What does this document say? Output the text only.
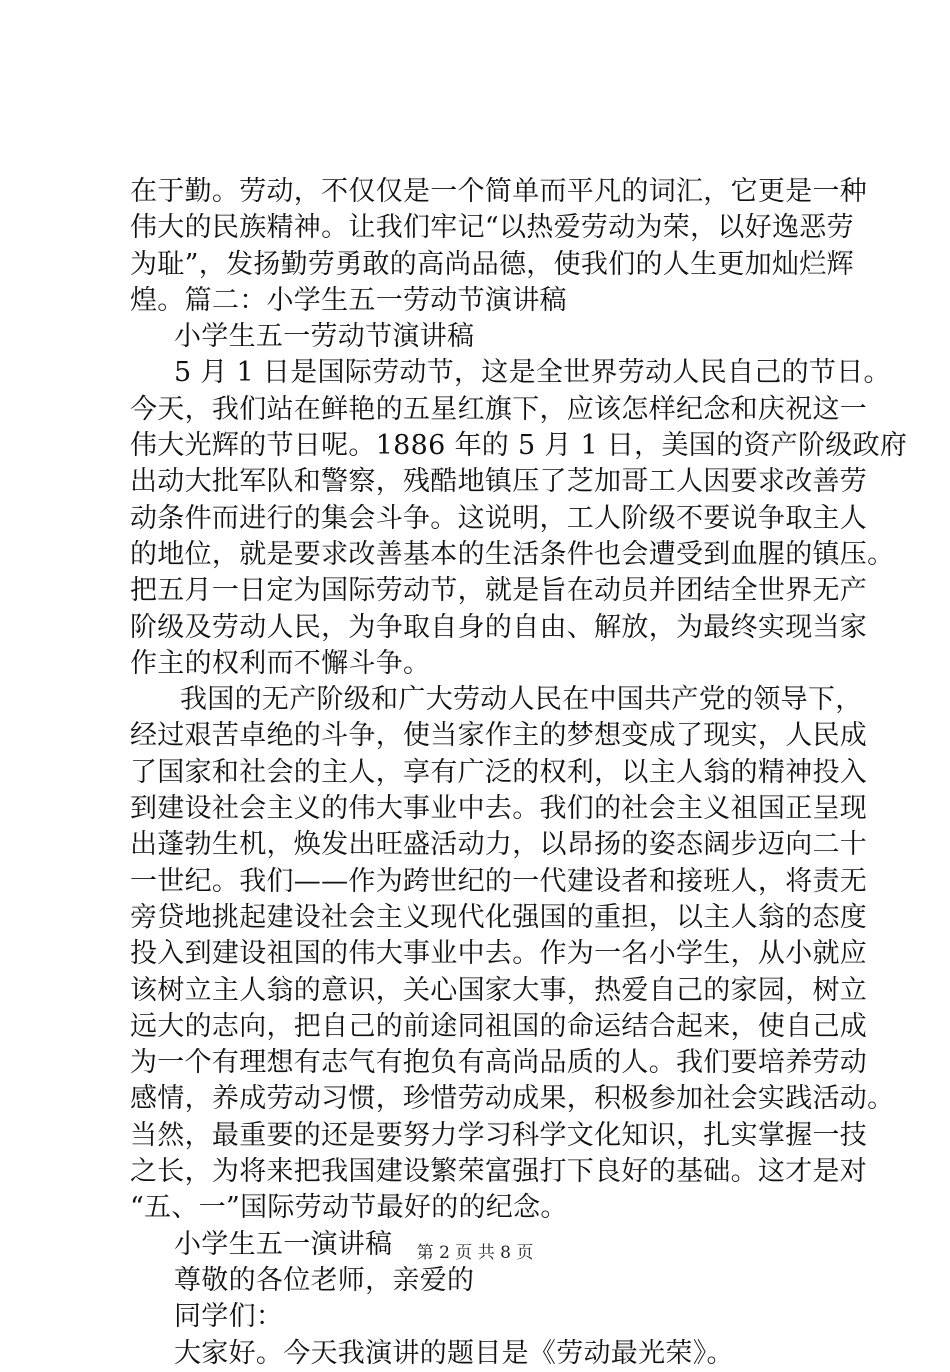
在于勤。劳动，不仅仅是一个简单而平凡的词汇，它更是一种
伟大的民族精神。让我们牢记“以热爱劳动为荣，以好逸恶劳
为耻”，发扬勤劳勇敢的高尚品德，使我们的人生更加灿烂辉
煌。篇二：小学生五一劳动节演讲稿
小学生五一劳动节演讲稿
5 月 1 日是国际劳动节，这是全世界劳动人民自己的节日。
今天，我们站在鲜艳的五星红旗下，应该怎样纪念和庆祝这一
伟大光辉的节日呢。1886 年的 5 月 1 日，美国的资产阶级政府
出动大批军队和警察，残酷地镇压了芝加哥工人因要求改善劳
动条件而进行的集会斗争。这说明，工人阶级不要说争取主人
的地位，就是要求改善基本的生活条件也会遭受到血腥的镇压。
把五月一日定为国际劳动节，就是旨在动员并团结全世界无产
阶级及劳动人民，为争取自身的自由、解放，为最终实现当家
作主的权利而不懈斗争。
我国的无产阶级和广大劳动人民在中国共产党的领导下，
经过艰苦卓绝的斗争，使当家作主的梦想变成了现实，人民成
了国家和社会的主人，享有广泛的权利，以主人翁的精神投入
到建设社会主义的伟大事业中去。我们的社会主义祖国正呈现
出蓬勃生机，焕发出旺盛活动力，以昂扬的姿态阔步迈向二十
一世纪。我们——作为跨世纪的一代建设者和接班人，将责无
旁贷地挑起建设社会主义现代化强国的重担，以主人翁的态度
投入到建设祖国的伟大事业中去。作为一名小学生，从小就应
该树立主人翁的意识，关心国家大事，热爱自己的家园，树立
远大的志向，把自己的前途同祖国的命运结合起来，使自己成
为一个有理想有志气有抱负有高尚品质的人。我们要培养劳动
感情，养成劳动习惯，珍惜劳动成果，积极参加社会实践活动。
当然，最重要的还是要努力学习科学文化知识，扎实掌握一技
之长，为将来把我国建设繁荣富强打下良好的基础。这才是对
“五、一”国际劳动节最好的的纪念。
小学生五一演讲稿
尊敬的各位老师，亲爱的
同学们：
大家好。今天我演讲的题目是《劳动最光荣》。
第 2 页 共 8 页
